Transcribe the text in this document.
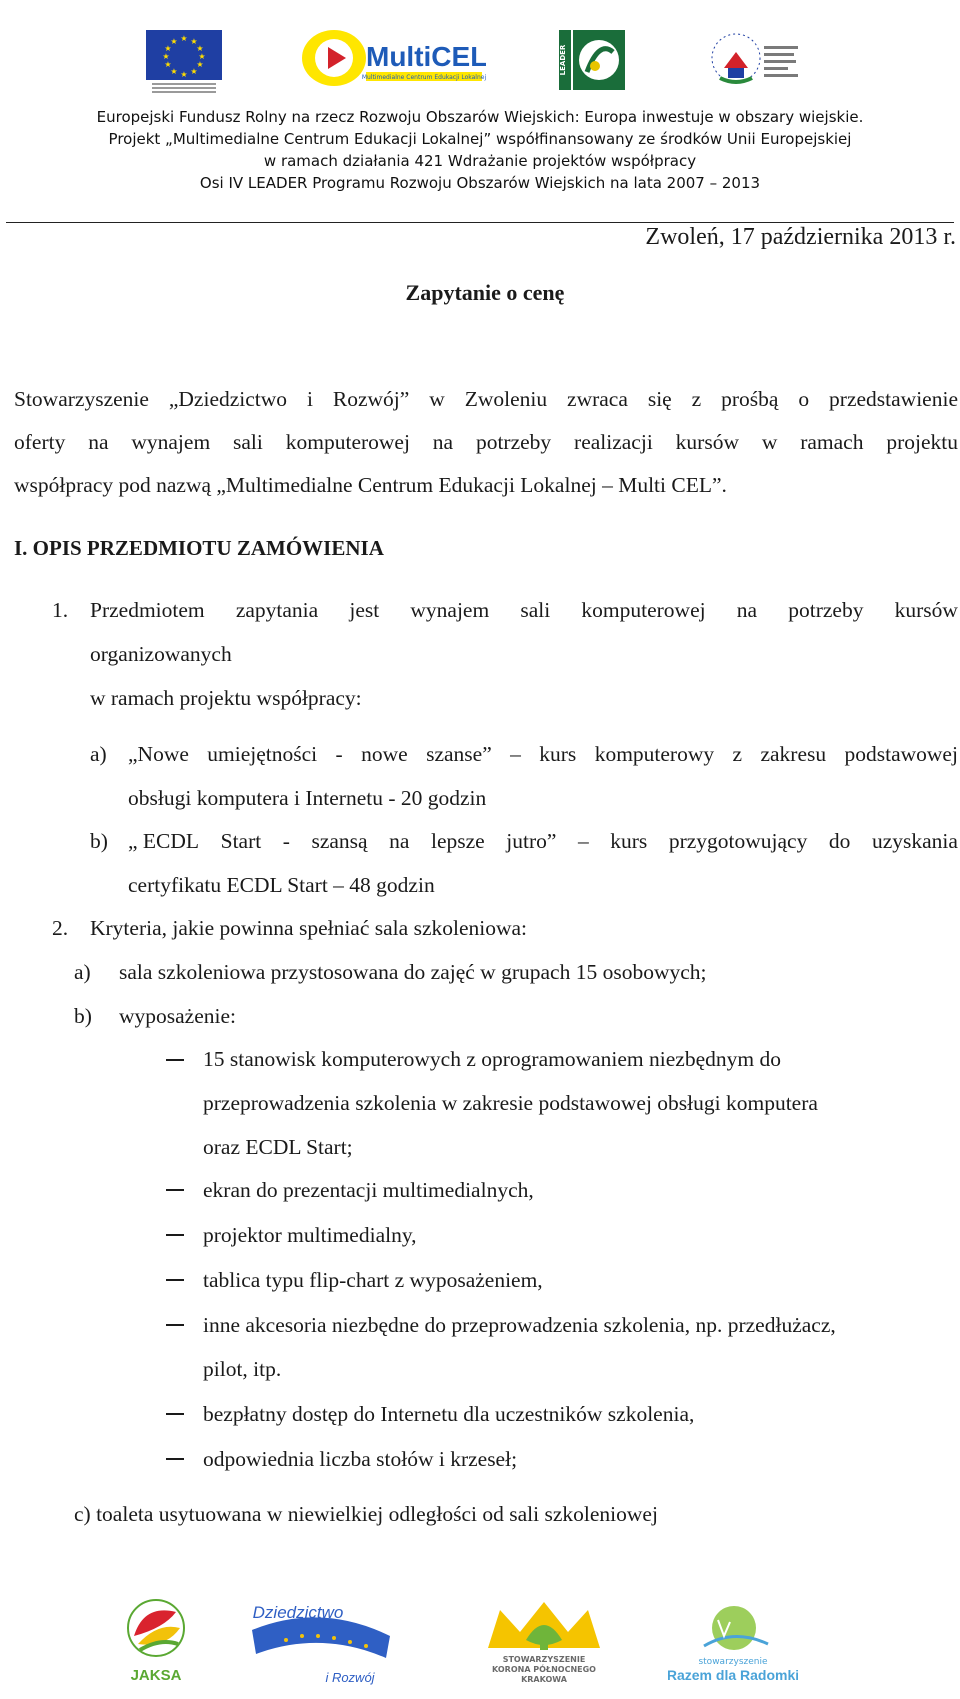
★ ★
★
★
★
★
★
★
★
★
★
★	MultiCEL
Multimedialne Centrum Edukacji Lokalnej
LEADER
Europejski Fundusz Rolny na rzecz Rozwoju Obszarów Wiejskich: Europa inwestuje w obszary wiejskie.
Projekt „Multimedialne Centrum Edukacji Lokalnej” współfinansowany ze środków Unii Europejskiej
w ramach działania 421 Wdrażanie projektów współpracy
Osi IV LEADER Programu Rozwoju Obszarów Wiejskich na lata 2007 – 2013
Zwoleń, 17 października 2013 r.
Zapytanie o cenę
Stowarzyszenie „Dziedzictwo i Rozwój” w Zwoleniu zwraca się z prośbą o przedstawienie
oferty na wynajem sali komputerowej na potrzeby realizacji kursów w ramach projektu
współpracy pod nazwą „Multimedialne Centrum Edukacji Lokalnej – Multi CEL”.
I. OPIS PRZEDMIOTU ZAMÓWIENIA
1. Przedmiotem zapytania jest wynajem sali komputerowej na potrzeby kursów
organizowanych
w ramach projektu współpracy:
a) „Nowe umiejętności - nowe szanse” – kurs komputerowy z zakresu podstawowej
obsługi komputera i Internetu - 20 godzin
b) „ ECDL Start - szansą na lepsze jutro” – kurs przygotowujący do uzyskania
certyfikatu ECDL Start – 48 godzin
2. Kryteria, jakie powinna spełniać sala szkoleniowa:
a) sala szkoleniowa przystosowana do zajęć w grupach 15 osobowych;
b) wyposażenie:
15 stanowisk komputerowych z oprogramowaniem niezbędnym do
przeprowadzenia szkolenia w zakresie podstawowej obsługi komputera
oraz ECDL Start;
ekran do prezentacji multimedialnych,
projektor multimedialny,
tablica typu flip-chart z wyposażeniem,
inne akcesoria niezbędne do przeprowadzenia szkolenia, np. przedłużacz,
pilot, itp.
bezpłatny dostęp do Internetu dla uczestników szkolenia,
odpowiednia liczba stołów i krzeseł;
c) toaleta usytuowana w niewielkiej odległości od sali szkoleniowej
JAKSA
Dziedzictwo
i Rozwój
STOWARZYSZENIE
KORONA PÓŁNOCNEGO
KRAKOWA
stowarzyszenie
Razem dla Radomki
